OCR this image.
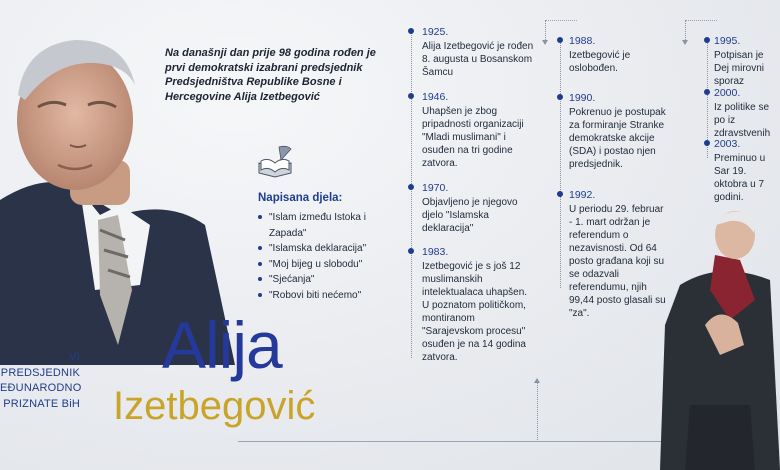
Na današnji dan prije 98 godina rođen je prvi demokratski izabrani predsjednik Predsjedništva Republike Bosne i Hercegovine Alija Izetbegović
Napisana djela:
"Islam između Istoka i Zapada"
"Islamska deklaracija"
"Moj bijeg u slobodu"
"Sjećanja"
"Robovi biti nećemo"
VI PREDSJEDNIK
EĐUNARODNO
PRIZNATE BiH
Alija
Izetbegović
1925.
Alija Izetbegović je rođen 8. augusta u Bosanskom Šamcu
1946.
Uhapšen je zbog pripadnosti organizaciji "Mladi muslimani" i osuđen na tri godine zatvora.
1970.
Objavljeno je njegovo djelo "Islamska deklaracija"
1983.
Izetbegović je s još 12 muslimanskih intelektualaca uhapšen. U poznatom političkom, montiranom "Sarajevskom procesu" osuđen je na 14 godina zatvora.
1988.
Izetbegović je oslobođen.
1990.
Pokrenuo je postupak za formiranje Stranke demokratske akcije (SDA) i postao njen predsjednik.
1992.
U periodu 29. februar - 1. mart održan je referendum o nezavisnosti. Od 64 posto građana koji su se odazvali referendumu, njih 99,44 posto glasali su "za".
1995.
Potpisan je Dej mirovni sporaz
2000.
Iz politike se po iz zdravstvenih
2003.
Preminuo u Sar 19. oktobra u 7 godini.
